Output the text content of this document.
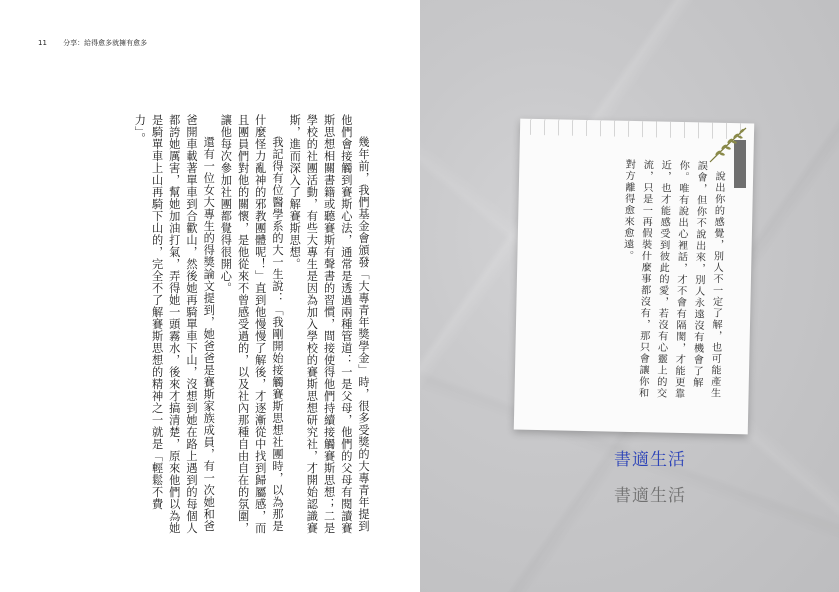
11 分享：給得愈多就擁有愈多

幾年前，我們基金會頒發「大專青年獎學金」時，很多受獎的大專青年提到他們會接觸到賽斯心法，通常是透過兩種管道：一是父母，他們的父母有閱讀賽斯思想相關書籍或聽賽斯有聲書的習慣，間接使得他們持續接觸賽斯思想；二是學校的社團活動，有些大專生是因為加入學校的賽斯思想研究社，才開始認識賽斯，進而深入了解賽斯思想。

我記得有位醫學系的大一生說：「我剛開始接觸賽斯思想社團時，以為那是什麼怪力亂神的邪教團體呢！」直到他慢慢了解後，才逐漸從中找到歸屬感，而且團員們對他的關懷，是他從來不曾感受過的，以及社內那種自由自在的氛圍，讓他每次參加社團都覺得很開心。

還有一位女大專生的得獎論文提到，她爸爸是賽斯家族成員，有一次她和爸爸開車載著單車到合歡山，然後她再騎單車下山，沒想到她在路上遇到的每個人都誇她厲害，幫她加油打氣，弄得她一頭霧水，後來才搞清楚，原來他們以為她是騎單車上山再騎下山的，完全不了解賽斯思想的精神之一就是「輕鬆不費力」。

說出你的感覺，別人不一定了解，也可能產生誤會，但你不說出來，別人永遠沒有機會了解你。唯有說出心裡話，才不會有隔閡，才能更靠近，也才能感受到彼此的愛，若沒有心靈上的交流，只是一再假裝什麼事都沒有，那只會讓你和對方離得愈來愈遠。
書適生活
書適生活
